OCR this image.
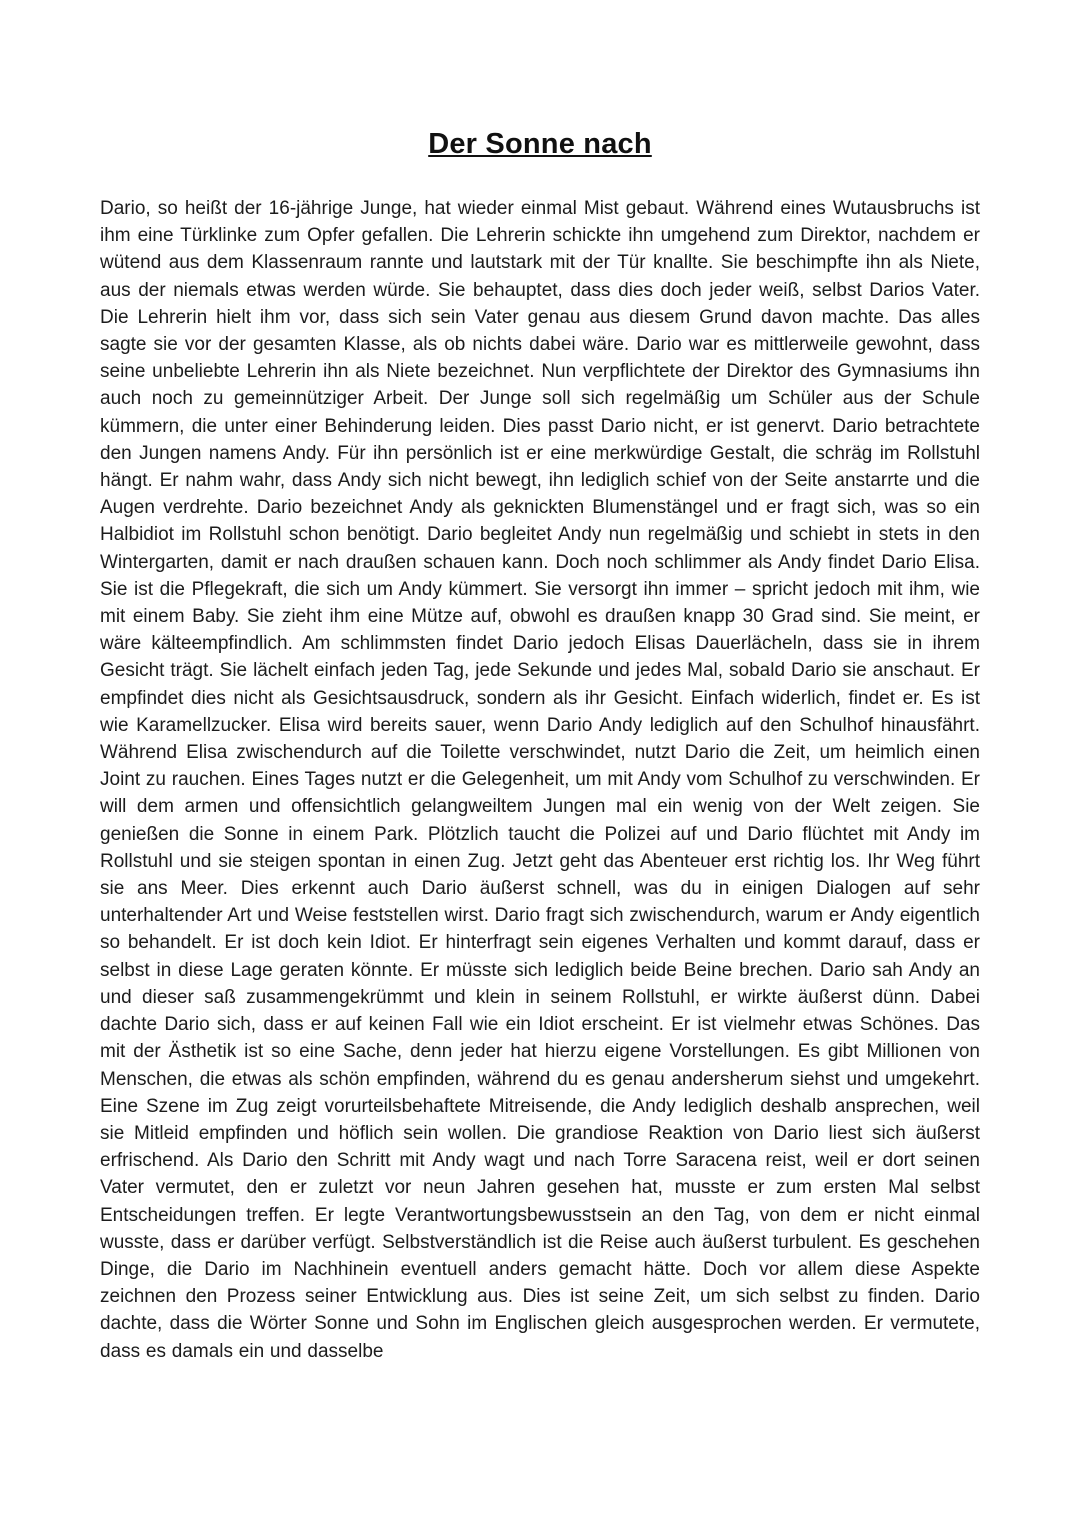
Der Sonne nach

Dario, so heißt der 16-jährige Junge, hat wieder einmal Mist gebaut. Während eines Wutausbruchs ist ihm eine Türklinke zum Opfer gefallen. Die Lehrerin schickte ihn umgehend zum Direktor, nachdem er wütend aus dem Klassenraum rannte und lautstark mit der Tür knallte. Sie beschimpfte ihn als Niete, aus der niemals etwas werden würde. Sie behauptet, dass dies doch jeder weiß, selbst Darios Vater. Die Lehrerin hielt ihm vor, dass sich sein Vater genau aus diesem Grund davon machte. Das alles sagte sie vor der gesamten Klasse, als ob nichts dabei wäre. Dario war es mittlerweile gewohnt, dass seine unbeliebte Lehrerin ihn als Niete bezeichnet. Nun verpflichtete der Direktor des Gymnasiums ihn auch noch zu gemeinnütziger Arbeit. Der Junge soll sich regelmäßig um Schüler aus der Schule kümmern, die unter einer Behinderung leiden. Dies passt Dario nicht, er ist genervt. Dario betrachtete den Jungen namens Andy. Für ihn persönlich ist er eine merkwürdige Gestalt, die schräg im Rollstuhl hängt. Er nahm wahr, dass Andy sich nicht bewegt, ihn lediglich schief von der Seite anstarrte und die Augen verdrehte. Dario bezeichnet Andy als geknickten Blumenstängel und er fragt sich, was so ein Halbidiot im Rollstuhl schon benötigt. Dario begleitet Andy nun regelmäßig und schiebt in stets in den Wintergarten, damit er nach draußen schauen kann. Doch noch schlimmer als Andy findet Dario Elisa. Sie ist die Pflegekraft, die sich um Andy kümmert. Sie versorgt ihn immer – spricht jedoch mit ihm, wie mit einem Baby. Sie zieht ihm eine Mütze auf, obwohl es draußen knapp 30 Grad sind. Sie meint, er wäre kälteempfindlich. Am schlimmsten findet Dario jedoch Elisas Dauerlächeln, dass sie in ihrem Gesicht trägt. Sie lächelt einfach jeden Tag, jede Sekunde und jedes Mal, sobald Dario sie anschaut. Er empfindet dies nicht als Gesichtsausdruck, sondern als ihr Gesicht. Einfach widerlich, findet er. Es ist wie Karamellzucker. Elisa wird bereits sauer, wenn Dario Andy lediglich auf den Schulhof hinausfährt. Während Elisa zwischendurch auf die Toilette verschwindet, nutzt Dario die Zeit, um heimlich einen Joint zu rauchen. Eines Tages nutzt er die Gelegenheit, um mit Andy vom Schulhof zu verschwinden. Er will dem armen und offensichtlich gelangweiltem Jungen mal ein wenig von der Welt zeigen. Sie genießen die Sonne in einem Park. Plötzlich taucht die Polizei auf und Dario flüchtet mit Andy im Rollstuhl und sie steigen spontan in einen Zug. Jetzt geht das Abenteuer erst richtig los. Ihr Weg führt sie ans Meer. Dies erkennt auch Dario äußerst schnell, was du in einigen Dialogen auf sehr unterhaltender Art und Weise feststellen wirst. Dario fragt sich zwischendurch, warum er Andy eigentlich so behandelt. Er ist doch kein Idiot. Er hinterfragt sein eigenes Verhalten und kommt darauf, dass er selbst in diese Lage geraten könnte. Er müsste sich lediglich beide Beine brechen. Dario sah Andy an und dieser saß zusammengekrümmt und klein in seinem Rollstuhl, er wirkte äußerst dünn. Dabei dachte Dario sich, dass er auf keinen Fall wie ein Idiot erscheint. Er ist vielmehr etwas Schönes. Das mit der Ästhetik ist so eine Sache, denn jeder hat hierzu eigene Vorstellungen. Es gibt Millionen von Menschen, die etwas als schön empfinden, während du es genau andersherum siehst und umgekehrt. Eine Szene im Zug zeigt vorurteilsbehaftete Mitreisende, die Andy lediglich deshalb ansprechen, weil sie Mitleid empfinden und höflich sein wollen. Die grandiose Reaktion von Dario liest sich äußerst erfrischend. Als Dario den Schritt mit Andy wagt und nach Torre Saracena reist, weil er dort seinen Vater vermutet, den er zuletzt vor neun Jahren gesehen hat, musste er zum ersten Mal selbst Entscheidungen treffen. Er legte Verantwortungsbewusstsein an den Tag, von dem er nicht einmal wusste, dass er darüber verfügt. Selbstverständlich ist die Reise auch äußerst turbulent. Es geschehen Dinge, die Dario im Nachhinein eventuell anders gemacht hätte. Doch vor allem diese Aspekte zeichnen den Prozess seiner Entwicklung aus. Dies ist seine Zeit, um sich selbst zu finden. Dario dachte, dass die Wörter Sonne und Sohn im Englischen gleich ausgesprochen werden. Er vermutete, dass es damals ein und dasselbe
